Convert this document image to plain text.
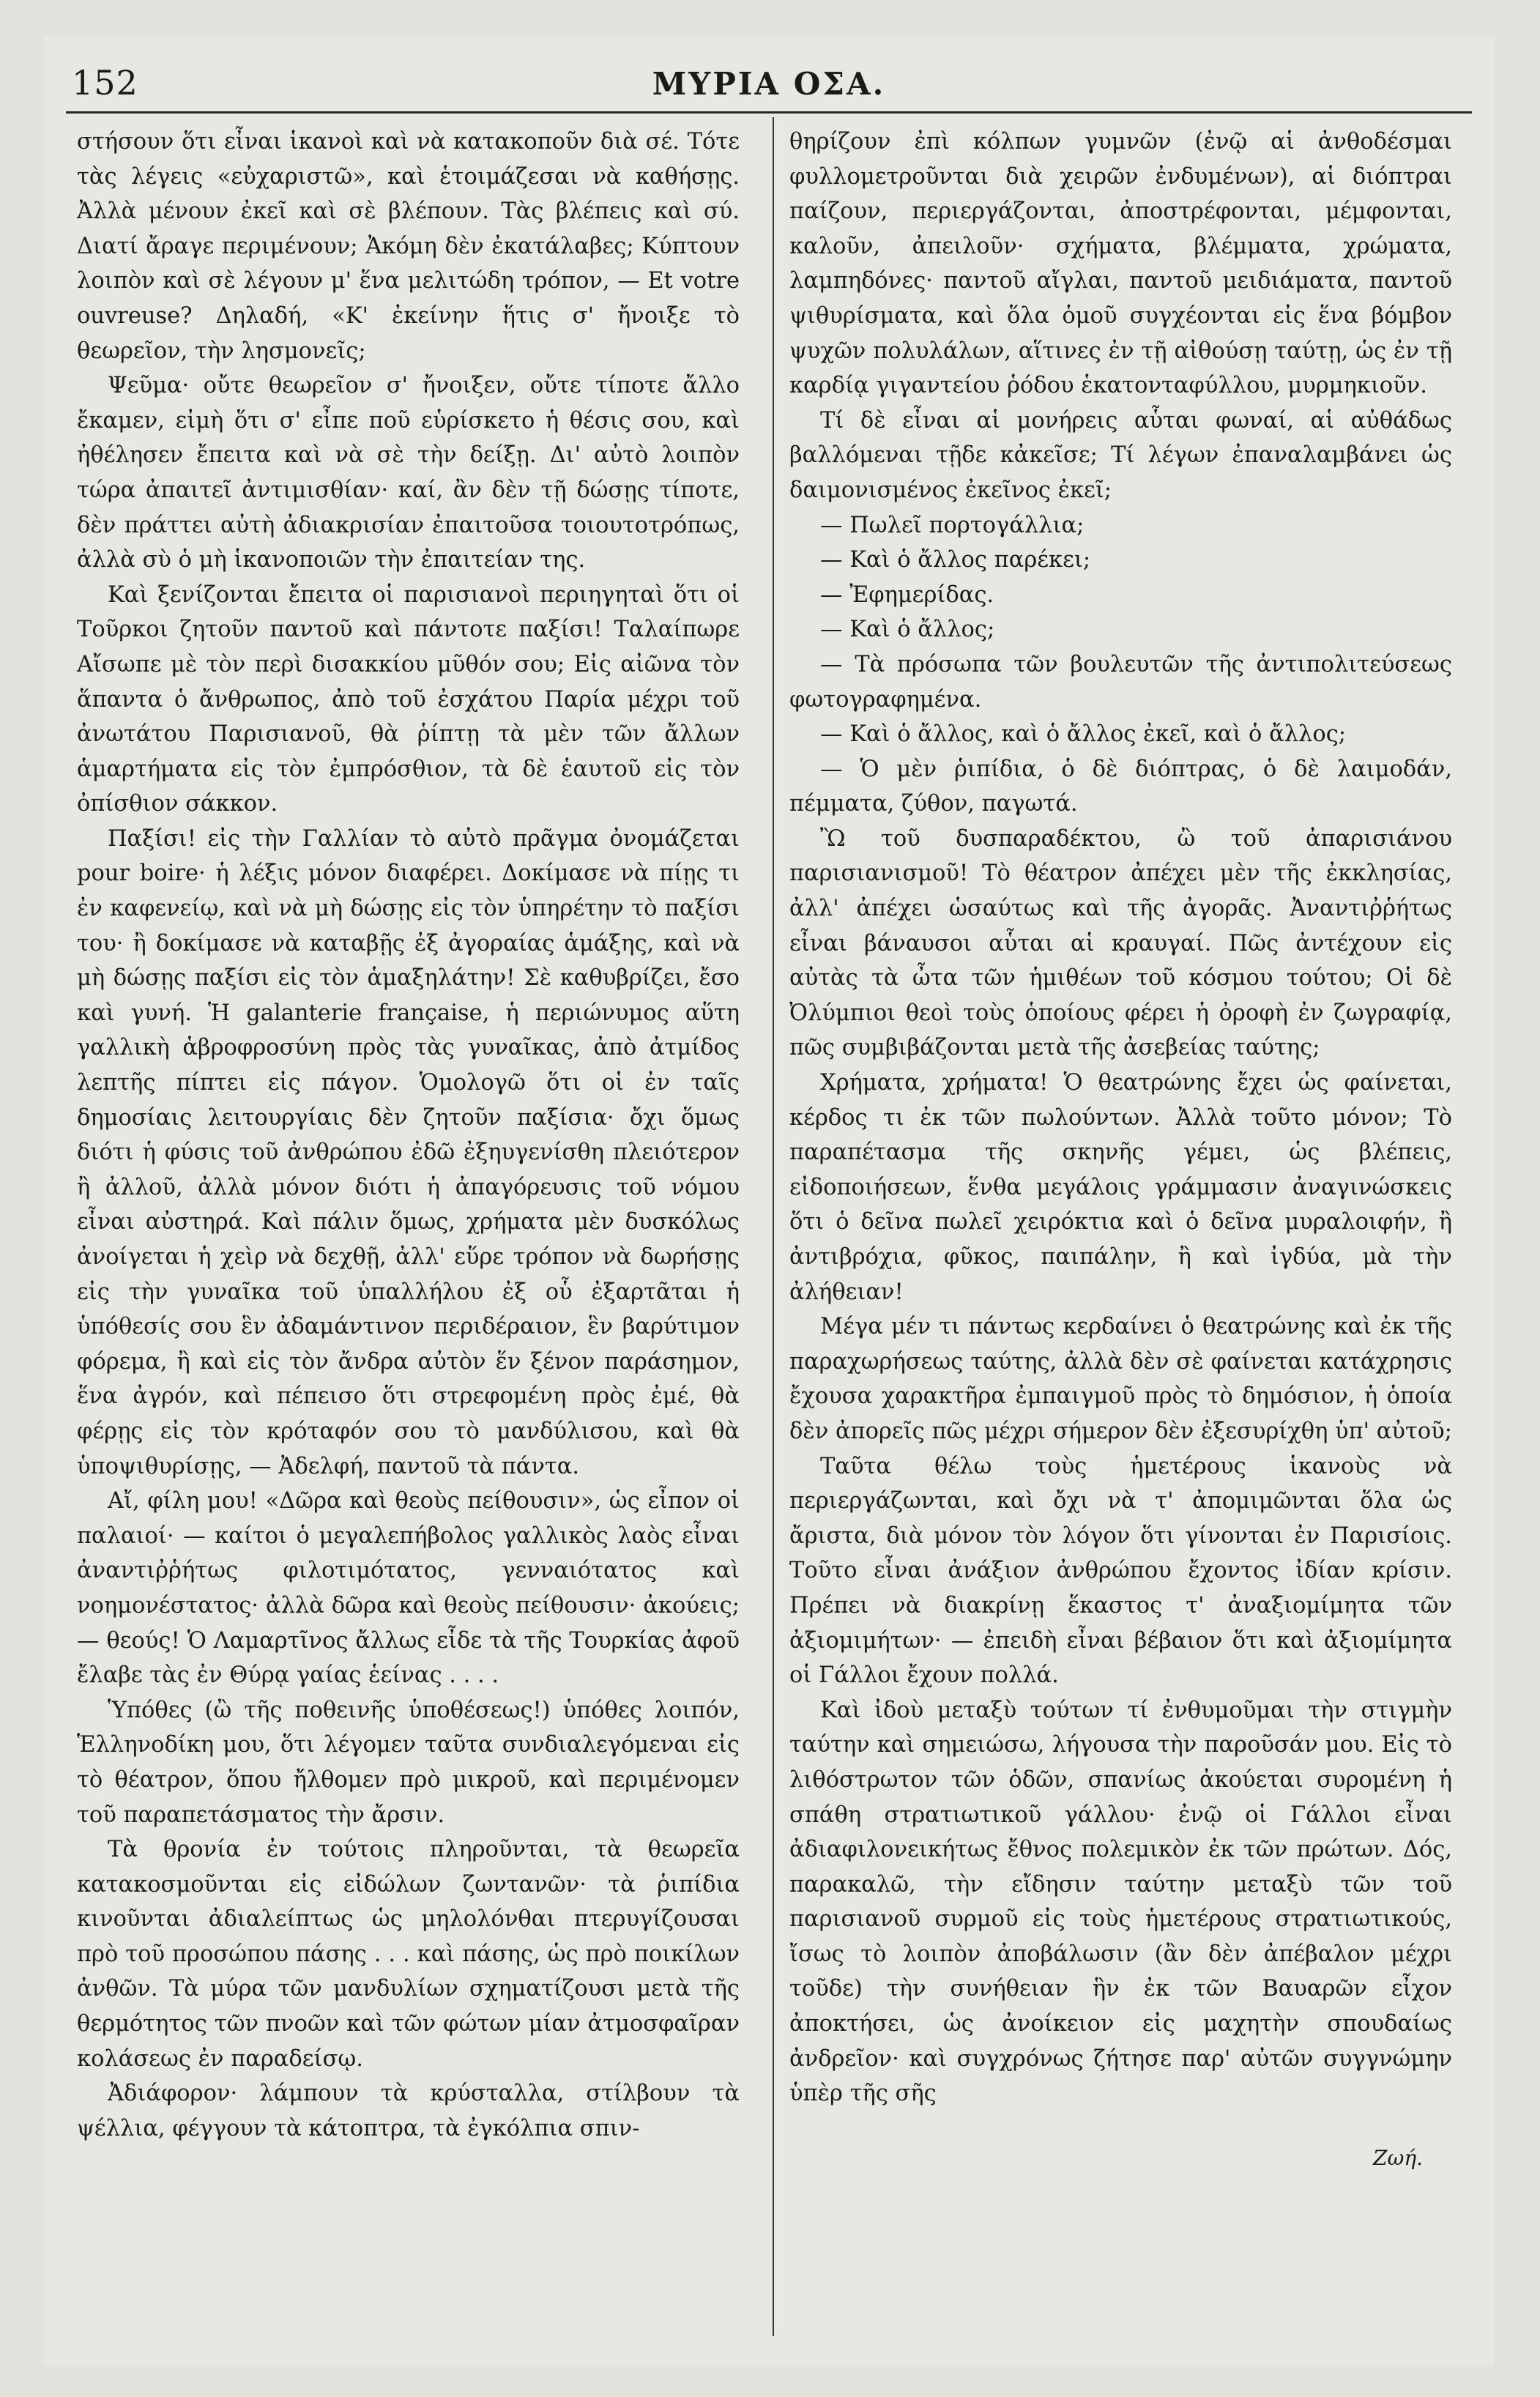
152	ΜΥΡΙΑ ΟΣΑ.

στήσουν ὅτι εἶναι ἱκανοὶ καὶ νὰ κατακοποῦν διὰ σέ. Τότε τὰς λέγεις «εὐχαριστῶ», καὶ ἑτοιμάζεσαι νὰ καθήσῃς. Ἀλλὰ μένουν ἐκεῖ καὶ σὲ βλέπουν. Τὰς βλέπεις καὶ σύ. Διατί ἄραγε περιμένουν; Ἀκόμη δὲν ἐκατάλαβες; Κύπτουν λοιπὸν καὶ σὲ λέγουν μ' ἕνα μελιτώδη τρόπον, — Et votre ouvreuse? Δηλαδή, «Κ' ἐκείνην ἥτις σ' ἤνοιξε τὸ θεωρεῖον, τὴν λησμονεῖς;

Ψεῦμα· οὔτε θεωρεῖον σ' ἤνοιξεν, οὔτε τίποτε ἄλλο ἔκαμεν, εἰμὴ ὅτι σ' εἶπε ποῦ εὑρίσκετο ἡ θέσις σου, καὶ ἠθέλησεν ἔπειτα καὶ νὰ σὲ τὴν δείξῃ. Δι' αὐτὸ λοιπὸν τώρα ἀπαιτεῖ ἀντιμισθίαν· καί, ἂν δὲν τῇ δώσῃς τίποτε, δὲν πράττει αὐτὴ ἀδιακρισίαν ἐπαιτοῦσα τοιουτοτρόπως, ἀλλὰ σὺ ὁ μὴ ἱκανοποιῶν τὴν ἐπαιτείαν της.

Καὶ ξενίζονται ἔπειτα οἱ παρισιανοὶ περιηγηταὶ ὅτι οἱ Τοῦρκοι ζητοῦν παντοῦ καὶ πάντοτε παξίσι! Ταλαίπωρε Αἴσωπε μὲ τὸν περὶ δισακκίου μῦθόν σου; Εἰς αἰῶνα τὸν ἅπαντα ὁ ἄνθρωπος, ἀπὸ τοῦ ἐσχάτου Παρία μέχρι τοῦ ἀνωτάτου Παρισιανοῦ, θὰ ῥίπτῃ τὰ μὲν τῶν ἄλλων ἁμαρτήματα εἰς τὸν ἐμπρόσθιον, τὰ δὲ ἑαυτοῦ εἰς τὸν ὀπίσθιον σάκκον.

Παξίσι! εἰς τὴν Γαλλίαν τὸ αὐτὸ πρᾶγμα ὀνομάζεται pour boire· ἡ λέξις μόνον διαφέρει. Δοκίμασε νὰ πίῃς τι ἐν καφενείῳ, καὶ νὰ μὴ δώσῃς εἰς τὸν ὑπηρέτην τὸ παξίσι του· ἢ δοκίμασε νὰ καταβῇς ἐξ ἀγοραίας ἁμάξης, καὶ νὰ μὴ δώσῃς παξίσι εἰς τὸν ἁμαξηλάτην! Σὲ καθυβρίζει, ἔσο καὶ γυνή. Ἡ galanterie française, ἡ περιώνυμος αὕτη γαλλικὴ ἁβροφροσύνη πρὸς τὰς γυναῖκας, ἀπὸ ἀτμίδος λεπτῆς πίπτει εἰς πάγον. Ὁμολογῶ ὅτι οἱ ἐν ταῖς δημοσίαις λειτουργίαις δὲν ζητοῦν παξίσια· ὄχι ὅμως διότι ἡ φύσις τοῦ ἀνθρώπου ἐδῶ ἐξηυγενίσθη πλειότερον ἢ ἀλλοῦ, ἀλλὰ μόνον διότι ἡ ἀπαγόρευσις τοῦ νόμου εἶναι αὐστηρά. Καὶ πάλιν ὅμως, χρήματα μὲν δυσκόλως ἀνοίγεται ἡ χεὶρ νὰ δεχθῇ, ἀλλ' εὕρε τρόπον νὰ δωρήσῃς εἰς τὴν γυναῖκα τοῦ ὑπαλλήλου ἐξ οὗ ἐξαρτᾶται ἡ ὑπόθεσίς σου ἓν ἀδαμάντινον περιδέραιον, ἓν βαρύτιμον φόρεμα, ἢ καὶ εἰς τὸν ἄνδρα αὐτὸν ἕν ξένον παράσημον, ἕνα ἀγρόν, καὶ πέπεισο ὅτι στρεφομένη πρὸς ἐμέ, θὰ φέρῃς εἰς τὸν κρόταφόν σου τὸ μανδύλισου, καὶ θὰ ὑποψιθυρίσῃς, — Ἀδελφή, παντοῦ τὰ πάντα.

Αἴ, φίλη μου! «Δῶρα καὶ θεοὺς πείθουσιν», ὡς εἶπον οἱ παλαιοί· — καίτοι ὁ μεγαλεπήβολος γαλλικὸς λαὸς εἶναι ἀναντιῤῥήτως φιλοτιμότατος, γενναιότατος καὶ νοημονέστατος· ἀλλὰ δῶρα καὶ θεοὺς πείθουσιν· ἀκούεις; — θεούς! Ὁ Λαμαρτῖνος ἄλλως εἶδε τὰ τῆς Τουρκίας ἀφοῦ ἔλαβε τὰς ἐν Θύρᾳ γαίας ἑείνας . . . .

Ὑπόθες (ὢ τῆς ποθεινῆς ὑποθέσεως!) ὑπόθες λοιπόν, Ἑλληνοδίκη μου, ὅτι λέγομεν ταῦτα συνδιαλεγόμεναι εἰς τὸ θέατρον, ὅπου ἤλθομεν πρὸ μικροῦ, καὶ περιμένομεν τοῦ παραπετάσματος τὴν ἄρσιν.

Τὰ θρονία ἐν τούτοις πληροῦνται, τὰ θεωρεῖα κατακοσμοῦνται εἰς εἰδώλων ζωντανῶν· τὰ ῥιπίδια κινοῦνται ἀδιαλείπτως ὡς μηλολόνθαι πτερυγίζουσαι πρὸ τοῦ προσώπου πάσης . . . καὶ πάσης, ὡς πρὸ ποικίλων ἀνθῶν. Τὰ μύρα τῶν μανδυλίων σχηματίζουσι μετὰ τῆς θερμότητος τῶν πνοῶν καὶ τῶν φώτων μίαν ἀτμοσφαῖραν κολάσεως ἐν παραδείσῳ.

Ἀδιάφορον· λάμπουν τὰ κρύσταλλα, στίλβουν τὰ ψέλλια, φέγγουν τὰ κάτοπτρα, τὰ ἐγκόλπια σπιν-

θηρίζουν ἐπὶ κόλπων γυμνῶν (ἐνῷ αἱ ἀνθοδέσμαι φυλλομετροῦνται διὰ χειρῶν ἐνδυμένων), αἱ διόπτραι παίζουν, περιεργάζονται, ἀποστρέφονται, μέμφονται, καλοῦν, ἀπειλοῦν· σχήματα, βλέμματα, χρώματα, λαμπηδόνες· παντοῦ αἴγλαι, παντοῦ μειδιάματα, παντοῦ ψιθυρίσματα, καὶ ὅλα ὁμοῦ συγχέονται εἰς ἕνα βόμβον ψυχῶν πολυλάλων, αἵτινες ἐν τῇ αἰθούσῃ ταύτῃ, ὡς ἐν τῇ καρδίᾳ γιγαντείου ῥόδου ἑκατονταφύλλου, μυρμηκιοῦν.

Τί δὲ εἶναι αἱ μονήρεις αὗται φωναί, αἱ αὐθάδως βαλλόμεναι τῇδε κἀκεῖσε; Τί λέγων ἐπαναλαμβάνει ὡς δαιμονισμένος ἐκεῖνος ἐκεῖ;

— Πωλεῖ πορτογάλλια;

— Καὶ ὁ ἄλλος παρέκει;

— Ἐφημερίδας.

— Καὶ ὁ ἄλλος;

— Τὰ πρόσωπα τῶν βουλευτῶν τῆς ἀντιπολιτεύσεως φωτογραφημένα.

— Καὶ ὁ ἄλλος, καὶ ὁ ἄλλος ἐκεῖ, καὶ ὁ ἄλλος;

— Ὁ μὲν ῥιπίδια, ὁ δὲ διόπτρας, ὁ δὲ λαιμοδάν, πέμματα, ζύθον, παγωτά.

Ὢ τοῦ δυσπαραδέκτου, ὢ τοῦ ἀπαρισιάνου παρισιανισμοῦ! Τὸ θέατρον ἀπέχει μὲν τῆς ἐκκλησίας, ἀλλ' ἀπέχει ὡσαύτως καὶ τῆς ἀγορᾶς. Ἀναντιῤῥήτως εἶναι βάναυσοι αὗται αἱ κραυγαί. Πῶς ἀντέχουν εἰς αὐτὰς τὰ ὦτα τῶν ἡμιθέων τοῦ κόσμου τούτου; Οἱ δὲ Ὀλύμπιοι θεοὶ τοὺς ὁποίους φέρει ἡ ὀροφὴ ἐν ζωγραφίᾳ, πῶς συμβιβάζονται μετὰ τῆς ἀσεβείας ταύτης;

Χρήματα, χρήματα! Ὁ θεατρώνης ἔχει ὡς φαίνεται, κέρδος τι ἐκ τῶν πωλούντων. Ἀλλὰ τοῦτο μόνον; Τὸ παραπέτασμα τῆς σκηνῆς γέμει, ὡς βλέπεις, εἰδοποιήσεων, ἕνθα μεγάλοις γράμμασιν ἀναγινώσκεις ὅτι ὁ δεῖνα πωλεῖ χειρόκτια καὶ ὁ δεῖνα μυραλοιφήν, ἢ ἀντιβρόχια, φῦκος, παιπάλην, ἢ καὶ ἰγδύα, μὰ τὴν ἀλήθειαν!

Μέγα μέν τι πάντως κερδαίνει ὁ θεατρώνης καὶ ἐκ τῆς παραχωρήσεως ταύτης, ἀλλὰ δὲν σὲ φαίνεται κατάχρησις ἔχουσα χαρακτῆρα ἐμπαιγμοῦ πρὸς τὸ δημόσιον, ἡ ὁποία δὲν ἀπορεῖς πῶς μέχρι σήμερον δὲν ἐξεσυρίχθη ὑπ' αὐτοῦ;

Ταῦτα θέλω τοὺς ἡμετέρους ἱκανοὺς νὰ περιεργάζωνται, καὶ ὄχι νὰ τ' ἀπομιμῶνται ὅλα ὡς ἄριστα, διὰ μόνον τὸν λόγον ὅτι γίνονται ἐν Παρισίοις. Τοῦτο εἶναι ἀνάξιον ἀνθρώπου ἔχοντος ἰδίαν κρίσιν. Πρέπει νὰ διακρίνῃ ἕκαστος τ' ἀναξιομίμητα τῶν ἀξιομιμήτων· — ἐπειδὴ εἶναι βέβαιον ὅτι καὶ ἀξιομίμητα οἱ Γάλλοι ἔχουν πολλά.

Καὶ ἰδοὺ μεταξὺ τούτων τί ἐνθυμοῦμαι τὴν στιγμὴν ταύτην καὶ σημειώσω, λήγουσα τὴν παροῦσάν μου. Εἰς τὸ λιθόστρωτον τῶν ὁδῶν, σπανίως ἀκούεται συρομένη ἡ σπάθη στρατιωτικοῦ γάλλου· ἐνῷ οἱ Γάλλοι εἶναι ἀδιαφιλονεικήτως ἔθνος πολεμικὸν ἐκ τῶν πρώτων. Δός, παρακαλῶ, τὴν εἴδησιν ταύτην μεταξὺ τῶν τοῦ παρισιανοῦ συρμοῦ εἰς τοὺς ἡμετέρους στρατιωτικούς, ἴσως τὸ λοιπὸν ἀποβάλωσιν (ἂν δὲν ἀπέβαλον μέχρι τοῦδε) τὴν συνήθειαν ἣν ἐκ τῶν Βαυαρῶν εἶχον ἀποκτήσει, ὡς ἀνοίκειον εἰς μαχητὴν σπουδαίως ἀνδρεῖον· καὶ συγχρόνως ζήτησε παρ' αὐτῶν συγγνώμην ὑπὲρ τῆς σῆς

Ζωή.
